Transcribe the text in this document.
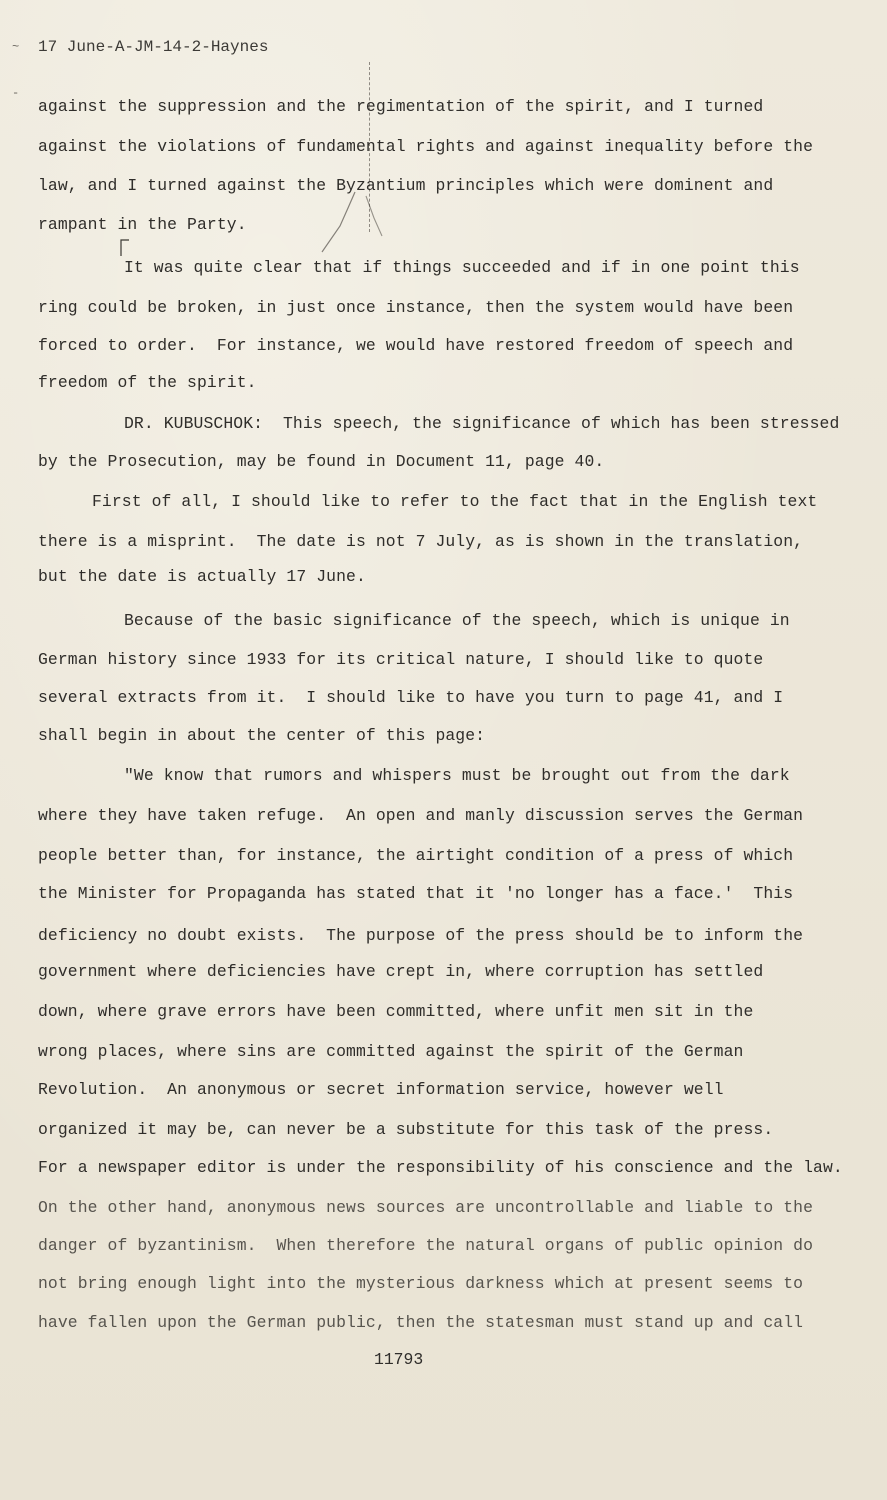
~
-
17 June-A-JM-14-2-Haynes
against the suppression and the regimentation of the spirit, and I turned
against the violations of fundamental rights and against inequality before the
law, and I turned against the Byzantium principles which were dominent and
rampant in the Party.
It was quite clear that if things succeeded and if in one point this
ring could be broken, in just once instance, then the system would have been
forced to order.  For instance, we would have restored freedom of speech and
freedom of the spirit.
DR. KUBUSCHOK:  This speech, the significance of which has been stressed
by the Prosecution, may be found in Document 11, page 40.
First of all, I should like to refer to the fact that in the English text
there is a misprint.  The date is not 7 July, as is shown in the translation,
but the date is actually 17 June.
Because of the basic significance of the speech, which is unique in
German history since 1933 for its critical nature, I should like to quote
several extracts from it.  I should like to have you turn to page 41, and I
shall begin in about the center of this page:
"We know that rumors and whispers must be brought out from the dark
where they have taken refuge.  An open and manly discussion serves the German
people better than, for instance, the airtight condition of a press of which
the Minister for Propaganda has stated that it 'no longer has a face.'  This
deficiency no doubt exists.  The purpose of the press should be to inform the
government where deficiencies have crept in, where corruption has settled
down, where grave errors have been committed, where unfit men sit in the
wrong places, where sins are committed against the spirit of the German
Revolution.  An anonymous or secret information service, however well
organized it may be, can never be a substitute for this task of the press.
For a newspaper editor is under the responsibility of his conscience and the law.
On the other hand, anonymous news sources are uncontrollable and liable to the
danger of byzantinism.  When therefore the natural organs of public opinion do
not bring enough light into the mysterious darkness which at present seems to
have fallen upon the German public, then the statesman must stand up and call
11793
